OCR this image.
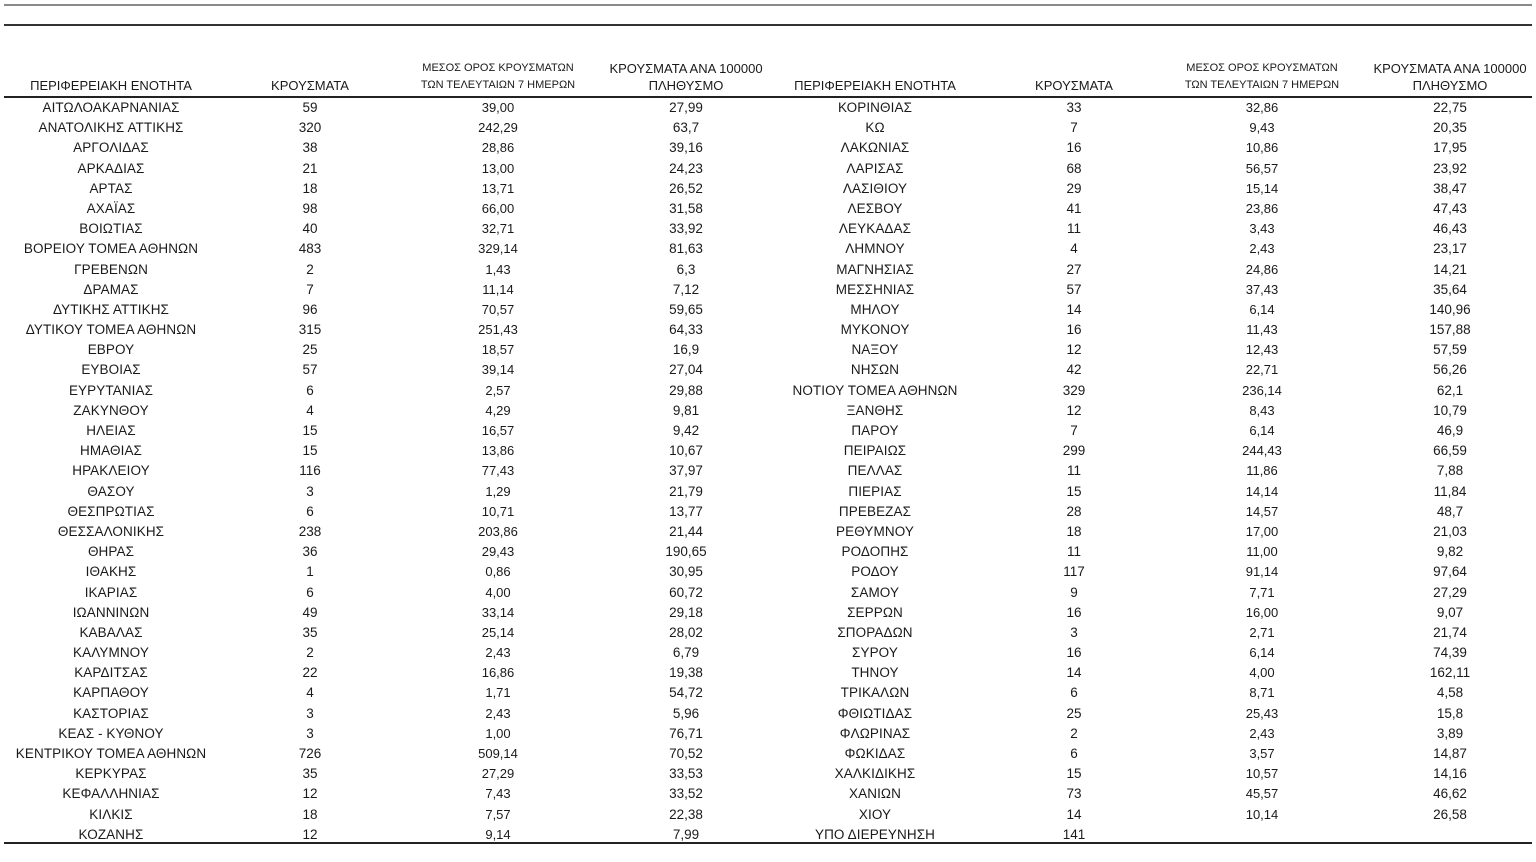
ΠΕΡΙΦΕΡΕΙΑΚΗ ΕΝΟΤΗΤΑ	ΚΡΟΥΣΜΑΤΑ
ΜΕΣΟΣ ΟΡΟΣ ΚΡΟΥΣΜΑΤΩΝ
ΤΩΝ ΤΕΛΕΥΤΑΙΩΝ 7 ΗΜΕΡΩΝ
ΚΡΟΥΣΜΑΤΑ ΑΝΑ 100000
ΠΛΗΘΥΣΜΟ
ΑΙΤΩΛΟΑΚΑΡΝΑΝΙΑΣ	59	39,00	27,99
ΑΝΑΤΟΛΙΚΗΣ ΑΤΤΙΚΗΣ	320	242,29	63,7
ΑΡΓΟΛΙΔΑΣ	38	28,86	39,16
ΑΡΚΑΔΙΑΣ	21	13,00	24,23
ΑΡΤΑΣ	18	13,71	26,52
ΑΧΑΪΑΣ	98	66,00	31,58
ΒΟΙΩΤΙΑΣ	40	32,71	33,92
ΒΟΡΕΙΟΥ ΤΟΜΕΑ ΑΘΗΝΩΝ	483	329,14	81,63
ΓΡΕΒΕΝΩΝ	2	1,43	6,3
ΔΡΑΜΑΣ	7	11,14	7,12
ΔΥΤΙΚΗΣ ΑΤΤΙΚΗΣ	96	70,57	59,65
ΔΥΤΙΚΟΥ ΤΟΜΕΑ ΑΘΗΝΩΝ	315	251,43	64,33
ΕΒΡΟΥ	25	18,57	16,9
ΕΥΒΟΙΑΣ	57	39,14	27,04
ΕΥΡΥΤΑΝΙΑΣ	6	2,57	29,88
ΖΑΚΥΝΘΟΥ	4	4,29	9,81
ΗΛΕΙΑΣ	15	16,57	9,42
ΗΜΑΘΙΑΣ	15	13,86	10,67
ΗΡΑΚΛΕΙΟΥ	116	77,43	37,97
ΘΑΣΟΥ	3	1,29	21,79
ΘΕΣΠΡΩΤΙΑΣ	6	10,71	13,77
ΘΕΣΣΑΛΟΝΙΚΗΣ	238	203,86	21,44
ΘΗΡΑΣ	36	29,43	190,65
ΙΘΑΚΗΣ	1	0,86	30,95
ΙΚΑΡΙΑΣ	6	4,00	60,72
ΙΩΑΝΝΙΝΩΝ	49	33,14	29,18
ΚΑΒΑΛΑΣ	35	25,14	28,02
ΚΑΛΥΜΝΟΥ	2	2,43	6,79
ΚΑΡΔΙΤΣΑΣ	22	16,86	19,38
ΚΑΡΠΑΘΟΥ	4	1,71	54,72
ΚΑΣΤΟΡΙΑΣ	3	2,43	5,96
ΚΕΑΣ - ΚΥΘΝΟΥ	3	1,00	76,71
ΚΕΝΤΡΙΚΟΥ ΤΟΜΕΑ ΑΘΗΝΩΝ	726	509,14	70,52
ΚΕΡΚΥΡΑΣ	35	27,29	33,53
ΚΕΦΑΛΛΗΝΙΑΣ	12	7,43	33,52
ΚΙΛΚΙΣ	18	7,57	22,38
ΚΟΖΑΝΗΣ	12	9,14	7,99
ΠΕΡΙΦΕΡΕΙΑΚΗ ΕΝΟΤΗΤΑ	ΚΡΟΥΣΜΑΤΑ
ΜΕΣΟΣ ΟΡΟΣ ΚΡΟΥΣΜΑΤΩΝ
ΤΩΝ ΤΕΛΕΥΤΑΙΩΝ 7 ΗΜΕΡΩΝ
ΚΡΟΥΣΜΑΤΑ ΑΝΑ 100000
ΠΛΗΘΥΣΜΟ
ΚΟΡΙΝΘΙΑΣ	33	32,86	22,75
ΚΩ	7	9,43	20,35
ΛΑΚΩΝΙΑΣ	16	10,86	17,95
ΛΑΡΙΣΑΣ	68	56,57	23,92
ΛΑΣΙΘΙΟΥ	29	15,14	38,47
ΛΕΣΒΟΥ	41	23,86	47,43
ΛΕΥΚΑΔΑΣ	11	3,43	46,43
ΛΗΜΝΟΥ	4	2,43	23,17
ΜΑΓΝΗΣΙΑΣ	27	24,86	14,21
ΜΕΣΣΗΝΙΑΣ	57	37,43	35,64
ΜΗΛΟΥ	14	6,14	140,96
ΜΥΚΟΝΟΥ	16	11,43	157,88
ΝΑΞΟΥ	12	12,43	57,59
ΝΗΣΩΝ	42	22,71	56,26
ΝΟΤΙΟΥ ΤΟΜΕΑ ΑΘΗΝΩΝ	329	236,14	62,1
ΞΑΝΘΗΣ	12	8,43	10,79
ΠΑΡΟΥ	7	6,14	46,9
ΠΕΙΡΑΙΩΣ	299	244,43	66,59
ΠΕΛΛΑΣ	11	11,86	7,88
ΠΙΕΡΙΑΣ	15	14,14	11,84
ΠΡΕΒΕΖΑΣ	28	14,57	48,7
ΡΕΘΥΜΝΟΥ	18	17,00	21,03
ΡΟΔΟΠΗΣ	11	11,00	9,82
ΡΟΔΟΥ	117	91,14	97,64
ΣΑΜΟΥ	9	7,71	27,29
ΣΕΡΡΩΝ	16	16,00	9,07
ΣΠΟΡΑΔΩΝ	3	2,71	21,74
ΣΥΡΟΥ	16	6,14	74,39
ΤΗΝΟΥ	14	4,00	162,11
ΤΡΙΚΑΛΩΝ	6	8,71	4,58
ΦΘΙΩΤΙΔΑΣ	25	25,43	15,8
ΦΛΩΡΙΝΑΣ	2	2,43	3,89
ΦΩΚΙΔΑΣ	6	3,57	14,87
ΧΑΛΚΙΔΙΚΗΣ	15	10,57	14,16
ΧΑΝΙΩΝ	73	45,57	46,62
ΧΙΟΥ	14	10,14	26,58
ΥΠΟ ΔΙΕΡΕΥΝΗΣΗ	141
